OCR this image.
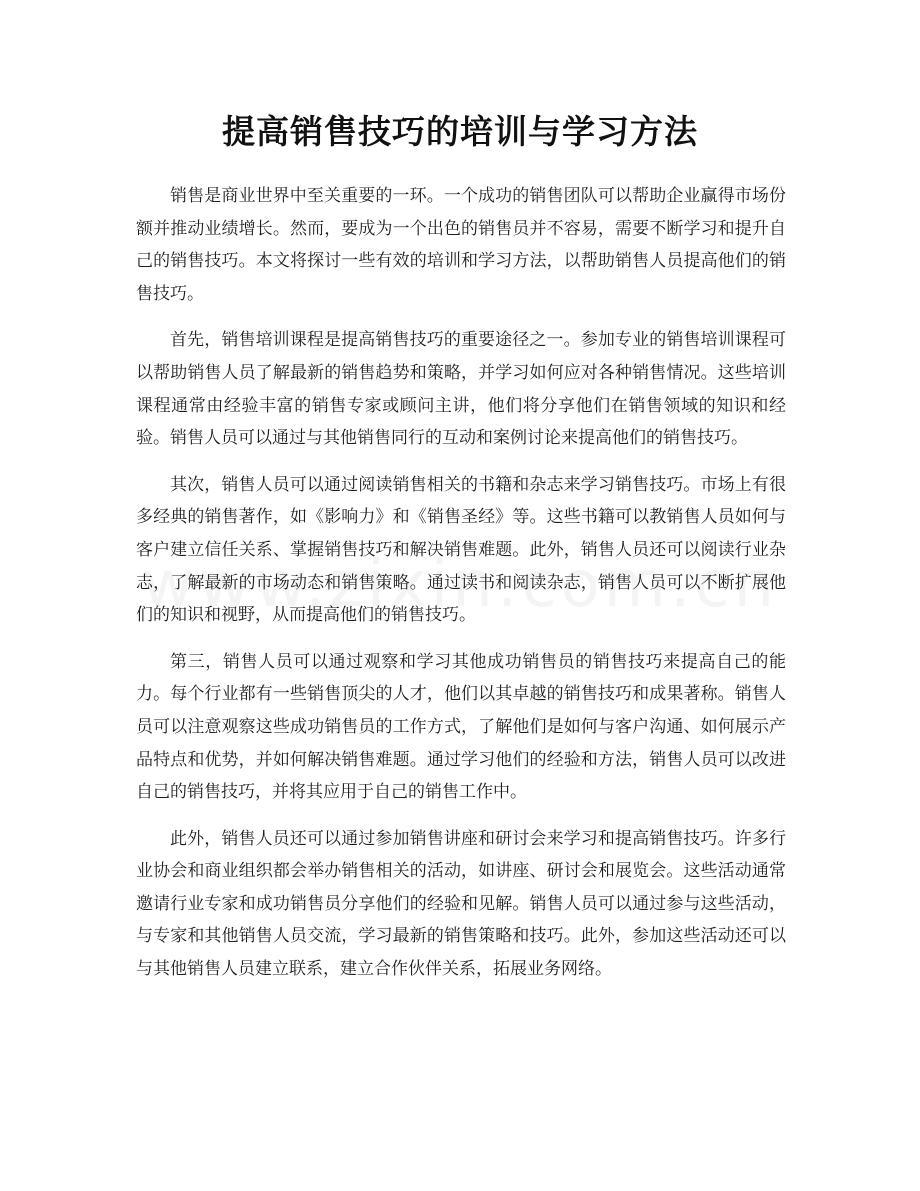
提高销售技巧的培训与学习方法

销售是商业世界中至关重要的一环。一个成功的销售团队可以帮助企业赢得市场份额并推动业绩增长。然而，要成为一个出色的销售员并不容易，需要不断学习和提升自己的销售技巧。本文将探讨一些有效的培训和学习方法，以帮助销售人员提高他们的销售技巧。

首先，销售培训课程是提高销售技巧的重要途径之一。参加专业的销售培训课程可以帮助销售人员了解最新的销售趋势和策略，并学习如何应对各种销售情况。这些培训课程通常由经验丰富的销售专家或顾问主讲，他们将分享他们在销售领域的知识和经验。销售人员可以通过与其他销售同行的互动和案例讨论来提高他们的销售技巧。

其次，销售人员可以通过阅读销售相关的书籍和杂志来学习销售技巧。市场上有很多经典的销售著作，如《影响力》和《销售圣经》等。这些书籍可以教销售人员如何与客户建立信任关系、掌握销售技巧和解决销售难题。此外，销售人员还可以阅读行业杂志，了解最新的市场动态和销售策略。通过读书和阅读杂志，销售人员可以不断扩展他们的知识和视野，从而提高他们的销售技巧。

第三，销售人员可以通过观察和学习其他成功销售员的销售技巧来提高自己的能力。每个行业都有一些销售顶尖的人才，他们以其卓越的销售技巧和成果著称。销售人员可以注意观察这些成功销售员的工作方式，了解他们是如何与客户沟通、如何展示产品特点和优势，并如何解决销售难题。通过学习他们的经验和方法，销售人员可以改进自己的销售技巧，并将其应用于自己的销售工作中。

此外，销售人员还可以通过参加销售讲座和研讨会来学习和提高销售技巧。许多行业协会和商业组织都会举办销售相关的活动，如讲座、研讨会和展览会。这些活动通常邀请行业专家和成功销售员分享他们的经验和见解。销售人员可以通过参与这些活动，与专家和其他销售人员交流，学习最新的销售策略和技巧。此外，参加这些活动还可以与其他销售人员建立联系，建立合作伙伴关系，拓展业务网络。
